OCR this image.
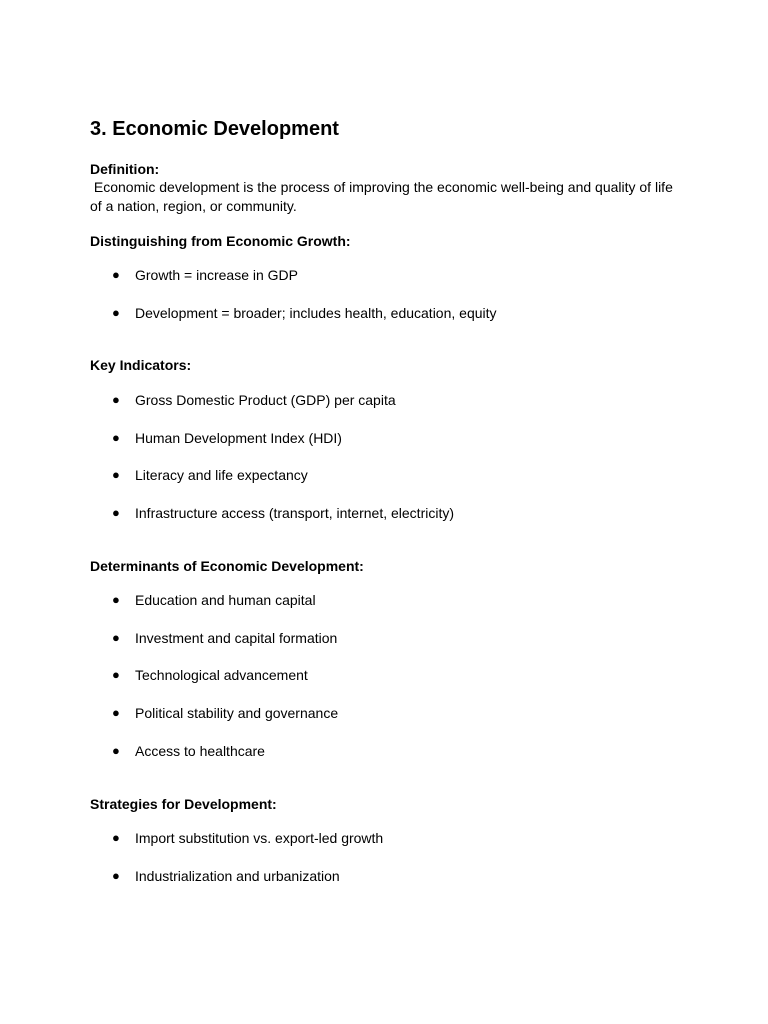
3. Economic Development
Definition:
Economic development is the process of improving the economic well-being and quality of life of a nation, region, or community.
Distinguishing from Economic Growth:
● Growth = increase in GDP
● Development = broader; includes health, education, equity
Key Indicators:
● Gross Domestic Product (GDP) per capita
● Human Development Index (HDI)
● Literacy and life expectancy
● Infrastructure access (transport, internet, electricity)
Determinants of Economic Development:
● Education and human capital
● Investment and capital formation
● Technological advancement
● Political stability and governance
● Access to healthcare
Strategies for Development:
● Import substitution vs. export-led growth
● Industrialization and urbanization
